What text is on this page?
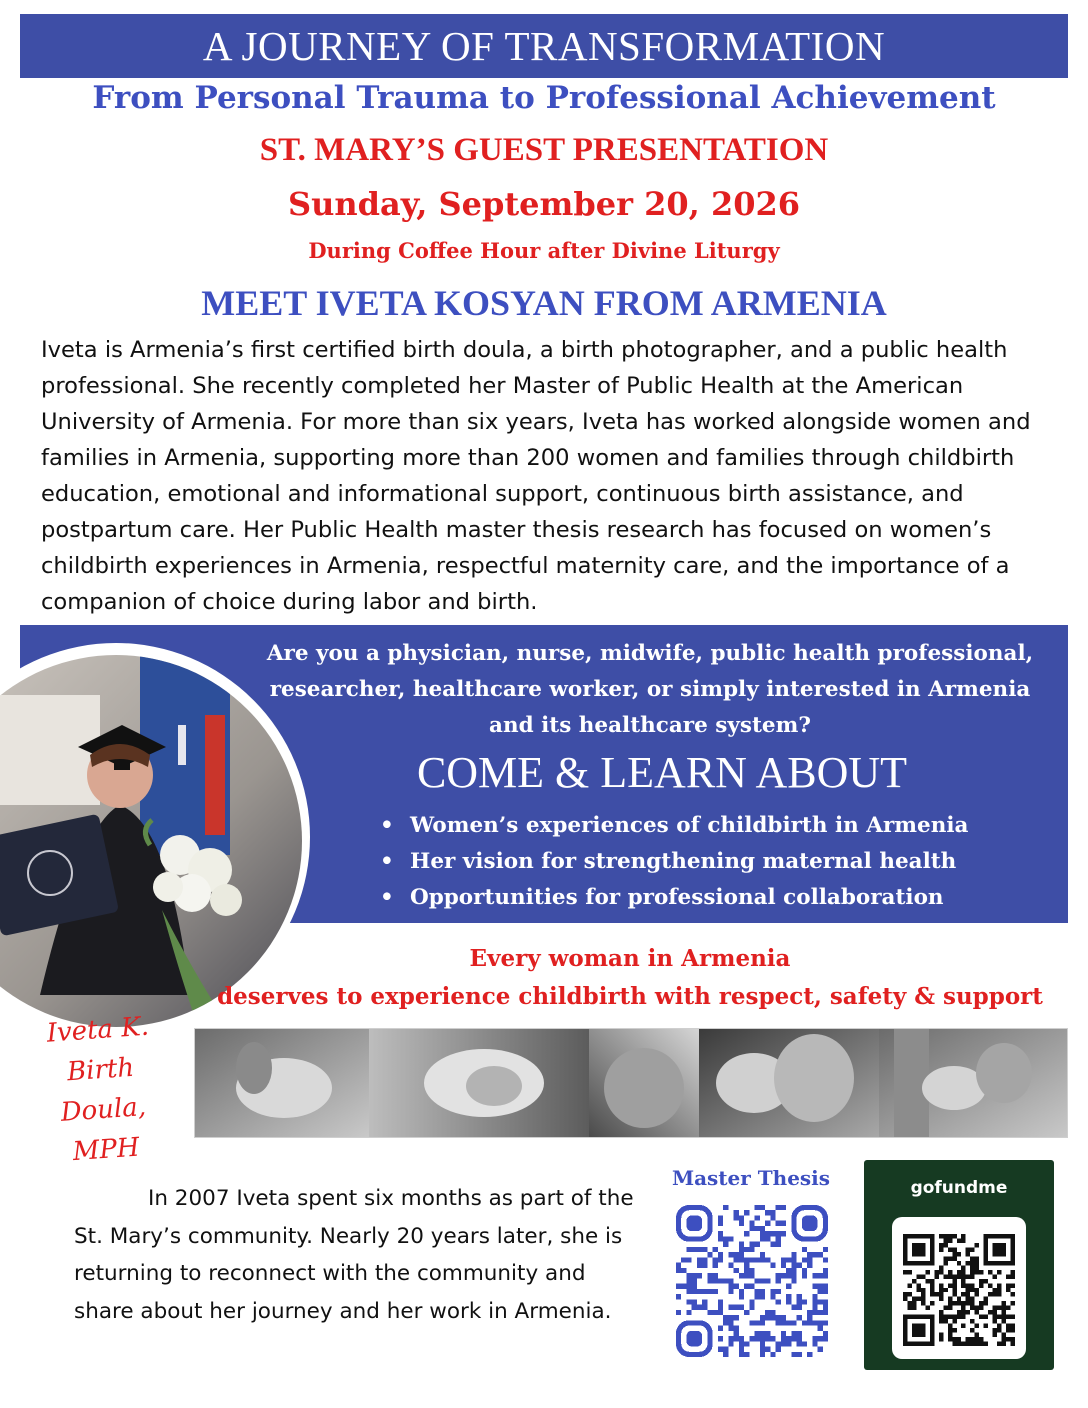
A JOURNEY OF TRANSFORMATION
From Personal Trauma to Professional Achievement
ST. MARY’S GUEST PRESENTATION
Sunday, September 20, 2026
During Coffee Hour after Divine Liturgy
MEET IVETA KOSYAN FROM ARMENIA
Iveta is Armenia’s first certified birth doula, a birth photographer, and a public health professional. She recently completed her Master of Public Health at the American University of Armenia. For more than six years, Iveta has worked alongside women and families in Armenia, supporting more than 200 women and families through childbirth education, emotional and informational support, continuous birth assistance, and postpartum care. Her Public Health master thesis research has focused on women’s childbirth experiences in Armenia, respectful maternity care, and the importance of a companion of choice during labor and birth.
Are you a physician, nurse, midwife, public health professional, researcher, healthcare worker, or simply interested in Armenia and its healthcare system?
COME & LEARN ABOUT
• Women’s experiences of childbirth in Armenia
• Her vision for strengthening maternal health
• Opportunities for professional collaboration
Every woman in Armenia
deserves to experience childbirth with respect, safety & support
Iveta K.
Birth Doula,
MPH
In 2007 Iveta spent six months as part of the St. Mary’s community. Nearly 20 years later, she is returning to reconnect with the community and share about her journey and her work in Armenia.
Master Thesis	gofundme
